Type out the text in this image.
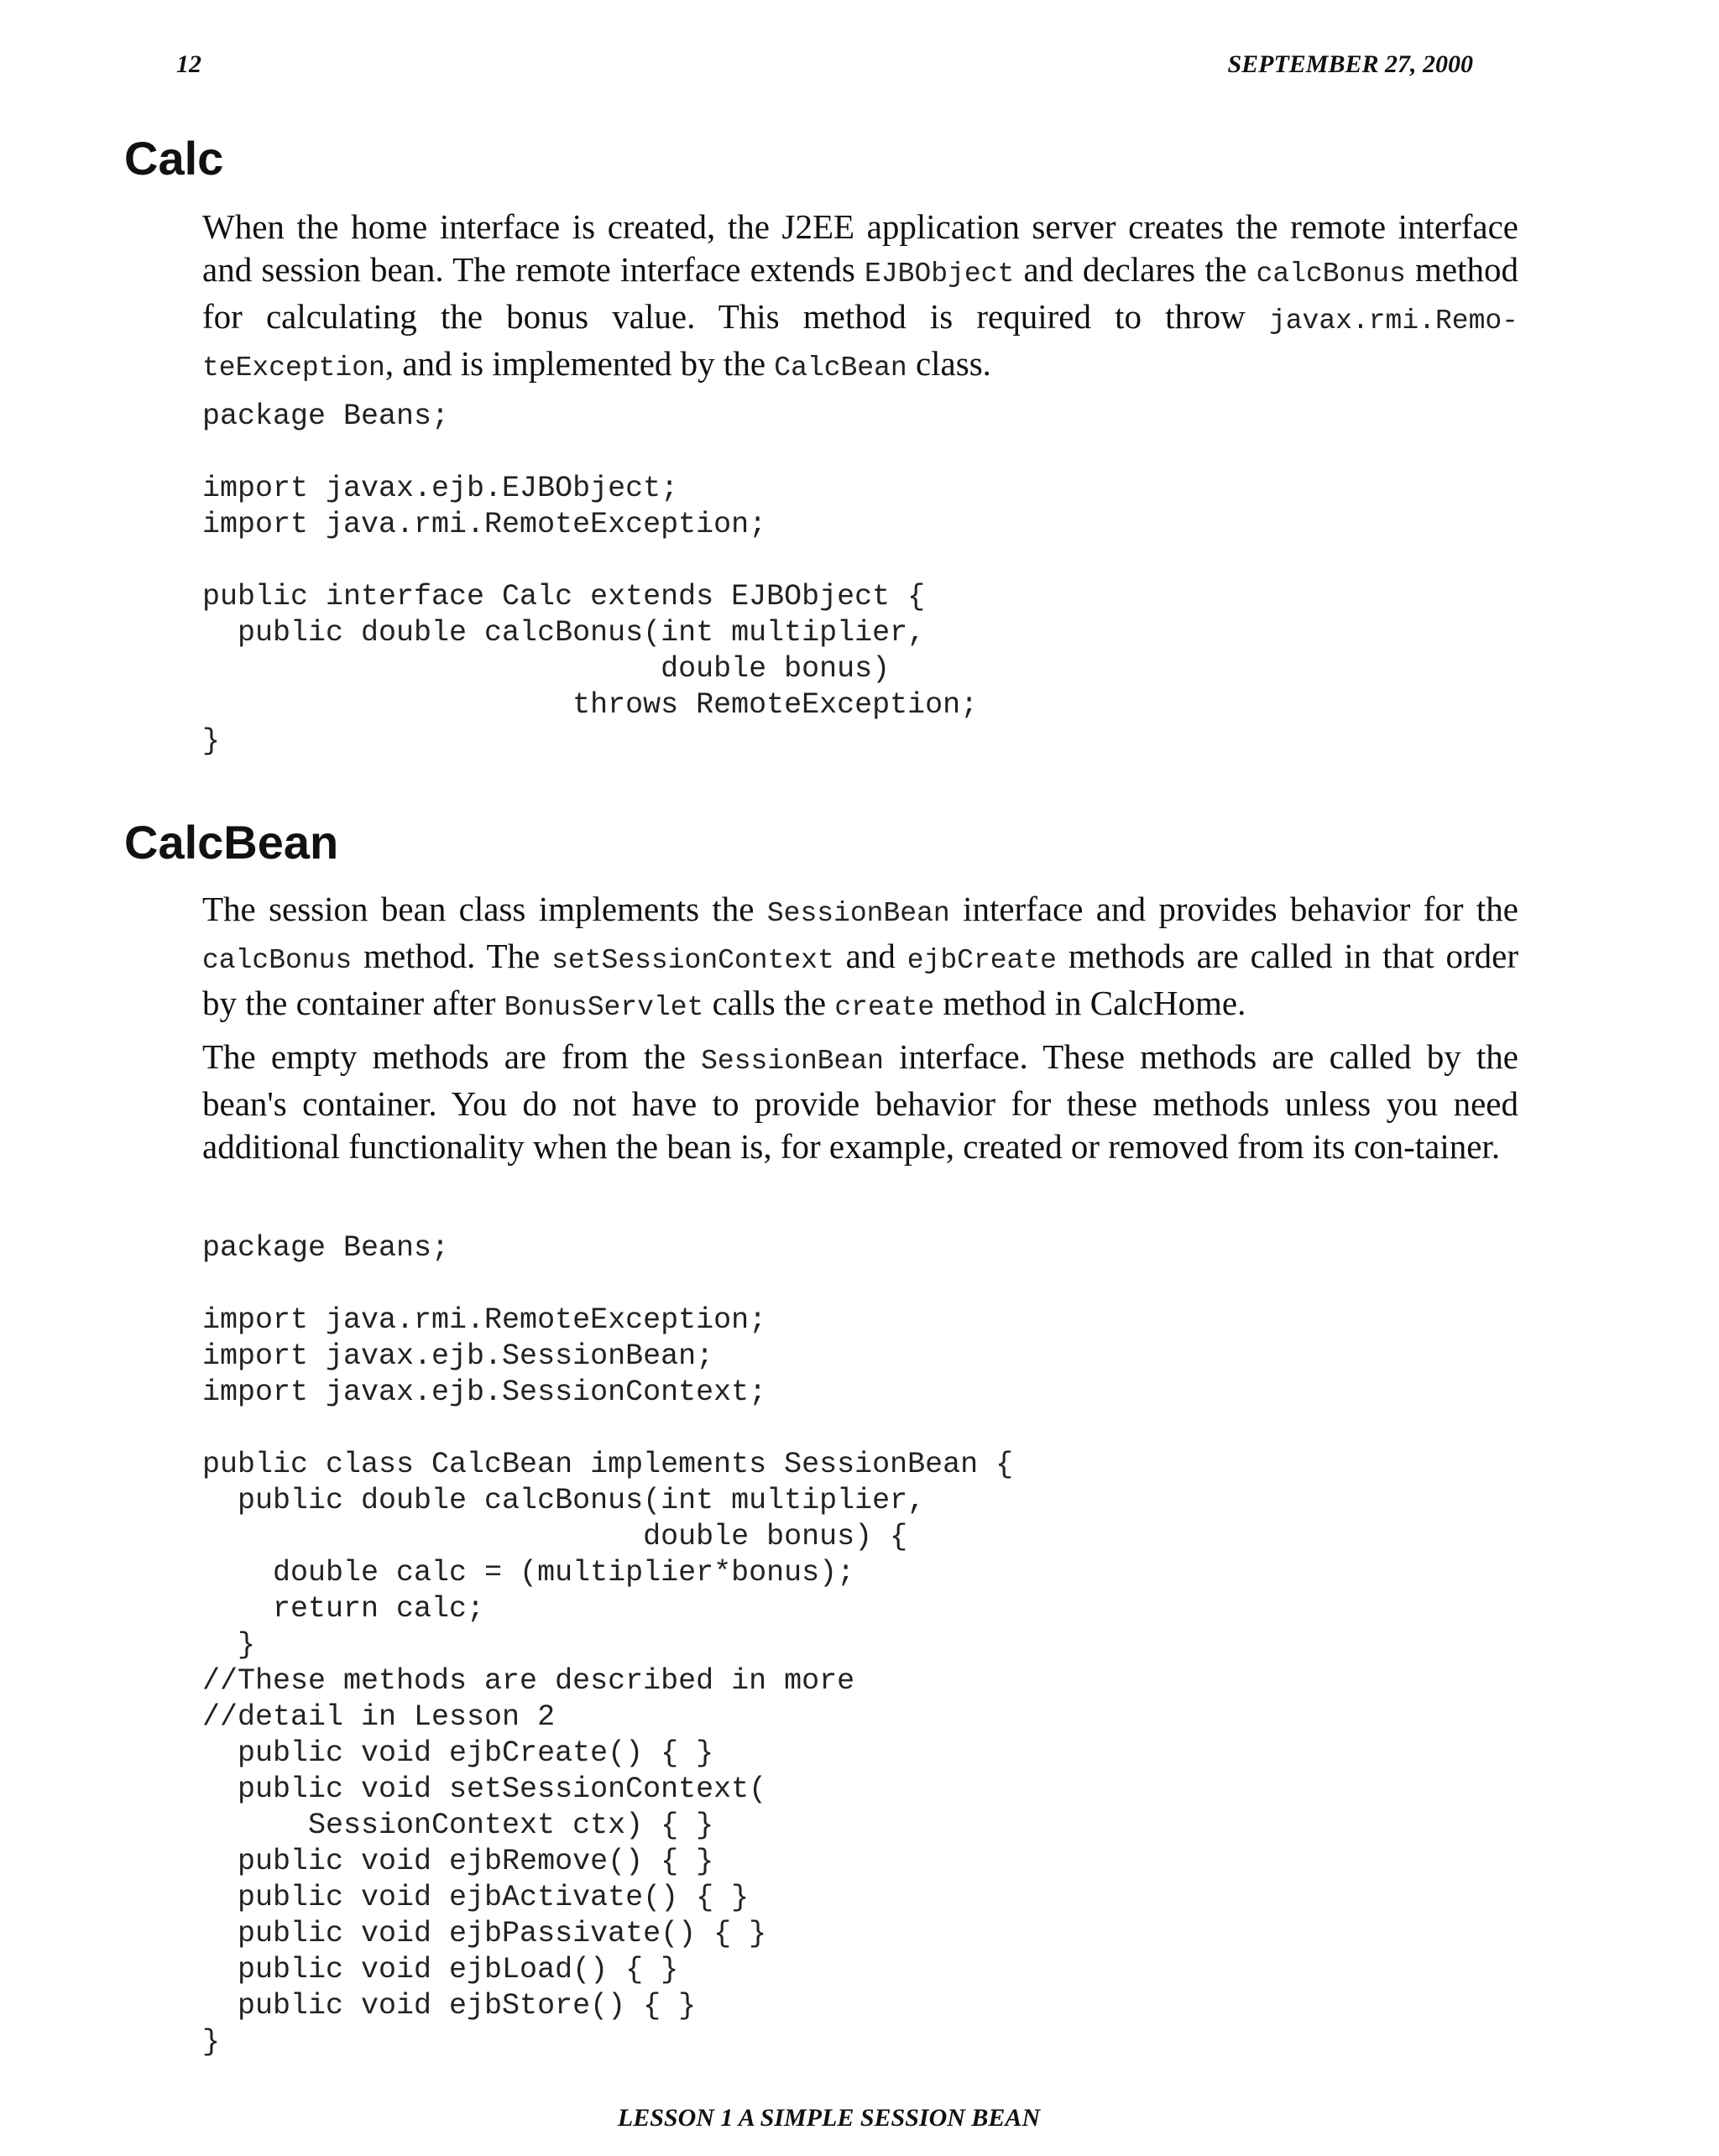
12	SEPTEMBER 27, 2000
Calc

When the home interface is created, the J2EE application server creates the remote interface and session bean. The remote interface extends EJBObject and declares the calcBonus method for calculating the bonus value. This method is required to throw javax.rmi.Remo-teException, and is implemented by the CalcBean class.

package Beans;

import javax.ejb.EJBObject;
import java.rmi.RemoteException;

public interface Calc extends EJBObject {
public double calcBonus(int multiplier,
double bonus)
throws RemoteException;
}
CalcBean

The session bean class implements the SessionBean interface and provides behavior for the calcBonus method. The setSessionContext and ejbCreate methods are called in that order by the container after BonusServlet calls the create method in CalcHome.

The empty methods are from the SessionBean interface. These methods are called by the bean's container. You do not have to provide behavior for these methods unless you need additional functionality when the bean is, for example, created or removed from its con-tainer.

package Beans;

import java.rmi.RemoteException;
import javax.ejb.SessionBean;
import javax.ejb.SessionContext;

public class CalcBean implements SessionBean {
public double calcBonus(int multiplier,
double bonus) {
double calc = (multiplier*bonus);
return calc;
}
//These methods are described in more
//detail in Lesson 2
public void ejbCreate() { }
public void setSessionContext(
SessionContext ctx) { }
public void ejbRemove() { }
public void ejbActivate() { }
public void ejbPassivate() { }
public void ejbLoad() { }
public void ejbStore() { }
}
LESSON 1 A SIMPLE SESSION BEAN
